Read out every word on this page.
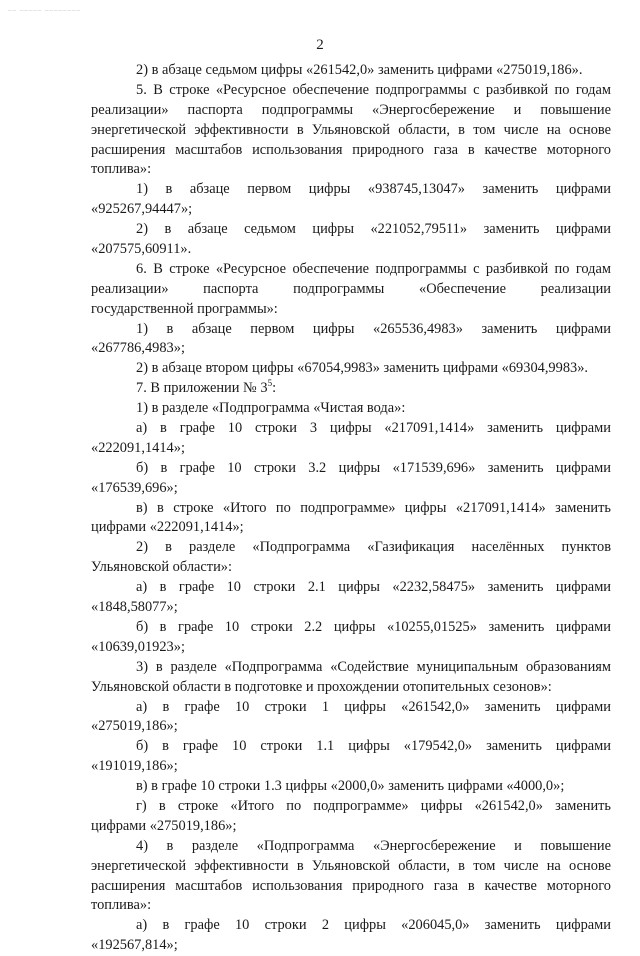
–– ––––– ––––––––
2
2) в абзаце седьмом цифры «261542,0» заменить цифрами «275019,186».
5. В строке «Ресурсное обеспечение подпрограммы с разбивкой по годам
реализации» паспорта подпрограммы «Энергосбережение и повышение
энергетической эффективности в Ульяновской области, в том числе на основе
расширения масштабов использования природного газа в качестве моторного
топлива»:
1) в абзаце первом цифры «938745,13047» заменить цифрами
«925267,94447»;
2) в абзаце седьмом цифры «221052,79511» заменить цифрами
«207575,60911».
6. В строке «Ресурсное обеспечение подпрограммы с разбивкой по годам
реализации» паспорта подпрограммы «Обеспечение реализации
государственной программы»:
1) в абзаце первом цифры «265536,4983» заменить цифрами
«267786,4983»;
2) в абзаце втором цифры «67054,9983» заменить цифрами «69304,9983».
7. В приложении № $3^5$:
1) в разделе «Подпрограмма «Чистая вода»:
а) в графе 10 строки 3 цифры «217091,1414» заменить цифрами
«222091,1414»;
б) в графе 10 строки 3.2 цифры «171539,696» заменить цифрами
«176539,696»;
в) в строке «Итого по подпрограмме» цифры «217091,1414» заменить
цифрами «222091,1414»;
2) в разделе «Подпрограмма «Газификация населённых пунктов
Ульяновской области»:
а) в графе 10 строки 2.1 цифры «2232,58475» заменить цифрами
«1848,58077»;
б) в графе 10 строки 2.2 цифры «10255,01525» заменить цифрами
«10639,01923»;
3) в разделе «Подпрограмма «Содействие муниципальным образованиям
Ульяновской области в подготовке и прохождении отопительных сезонов»:
а) в графе 10 строки 1 цифры «261542,0» заменить цифрами
«275019,186»;
б) в графе 10 строки 1.1 цифры «179542,0» заменить цифрами
«191019,186»;
в) в графе 10 строки 1.3 цифры «2000,0» заменить цифрами «4000,0»;
г) в строке «Итого по подпрограмме» цифры «261542,0» заменить
цифрами «275019,186»;
4) в разделе «Подпрограмма «Энергосбережение и повышение
энергетической эффективности в Ульяновской области, в том числе на основе
расширения масштабов использования природного газа в качестве моторного
топлива»:
а) в графе 10 строки 2 цифры «206045,0» заменить цифрами
«192567,814»;
